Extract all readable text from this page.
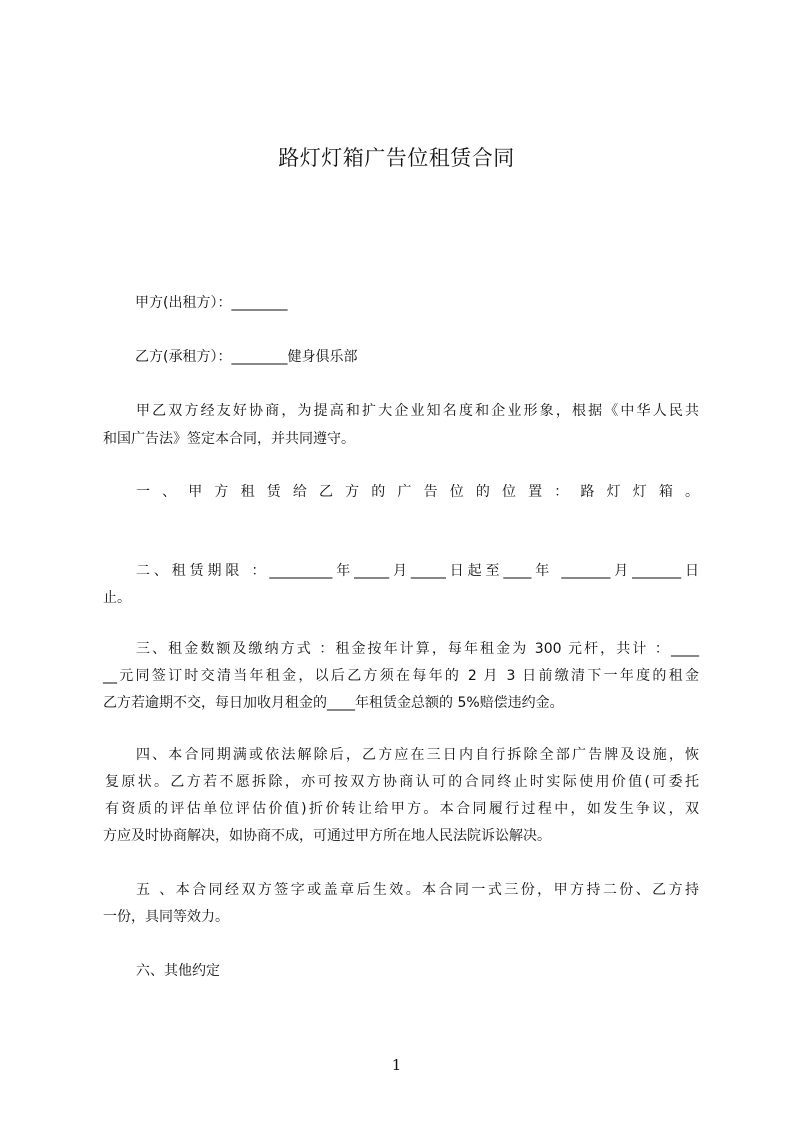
路灯灯箱广告位租赁合同

甲方(出租方）：________

乙方(承租方）：________健身俱乐部

甲乙双方经友好协商，为提高和扩大企业知名度和企业形象，根据《中华人民共

和国广告法》签定本合同，并共同遵守。

一 、 甲 方 租 赁 给 乙 方 的 广 告 位 的 位 置 ： 路 灯 灯 箱 。

二、租赁期限 ：_________年_____月_____日起至____年 _______月_______日

止。

三、租金数额及缴纳方式 ：租金按年计算，每年租金为 300 元杆，共计 ：____

__元同签订时交清当年租金，以后乙方须在每年的 2 月 3 日前缴清下一年度的租金

乙方若逾期不交，每日加收月租金的____年租赁金总额的 5%赔偿违约金。

四、本合同期满或依法解除后，乙方应在三日内自行拆除全部广告牌及设施，恢

复原状。乙方若不愿拆除，亦可按双方协商认可的合同终止时实际使用价值(可委托

有资质的评估单位评估价值)折价转让给甲方。本合同履行过程中，如发生争议，双

方应及时协商解决，如协商不成，可通过甲方所在地人民法院诉讼解决。

五 、本合同经双方签字或盖章后生效。本合同一式三份，甲方持二份、乙方持

一份，具同等效力。

六、其他约定

1
